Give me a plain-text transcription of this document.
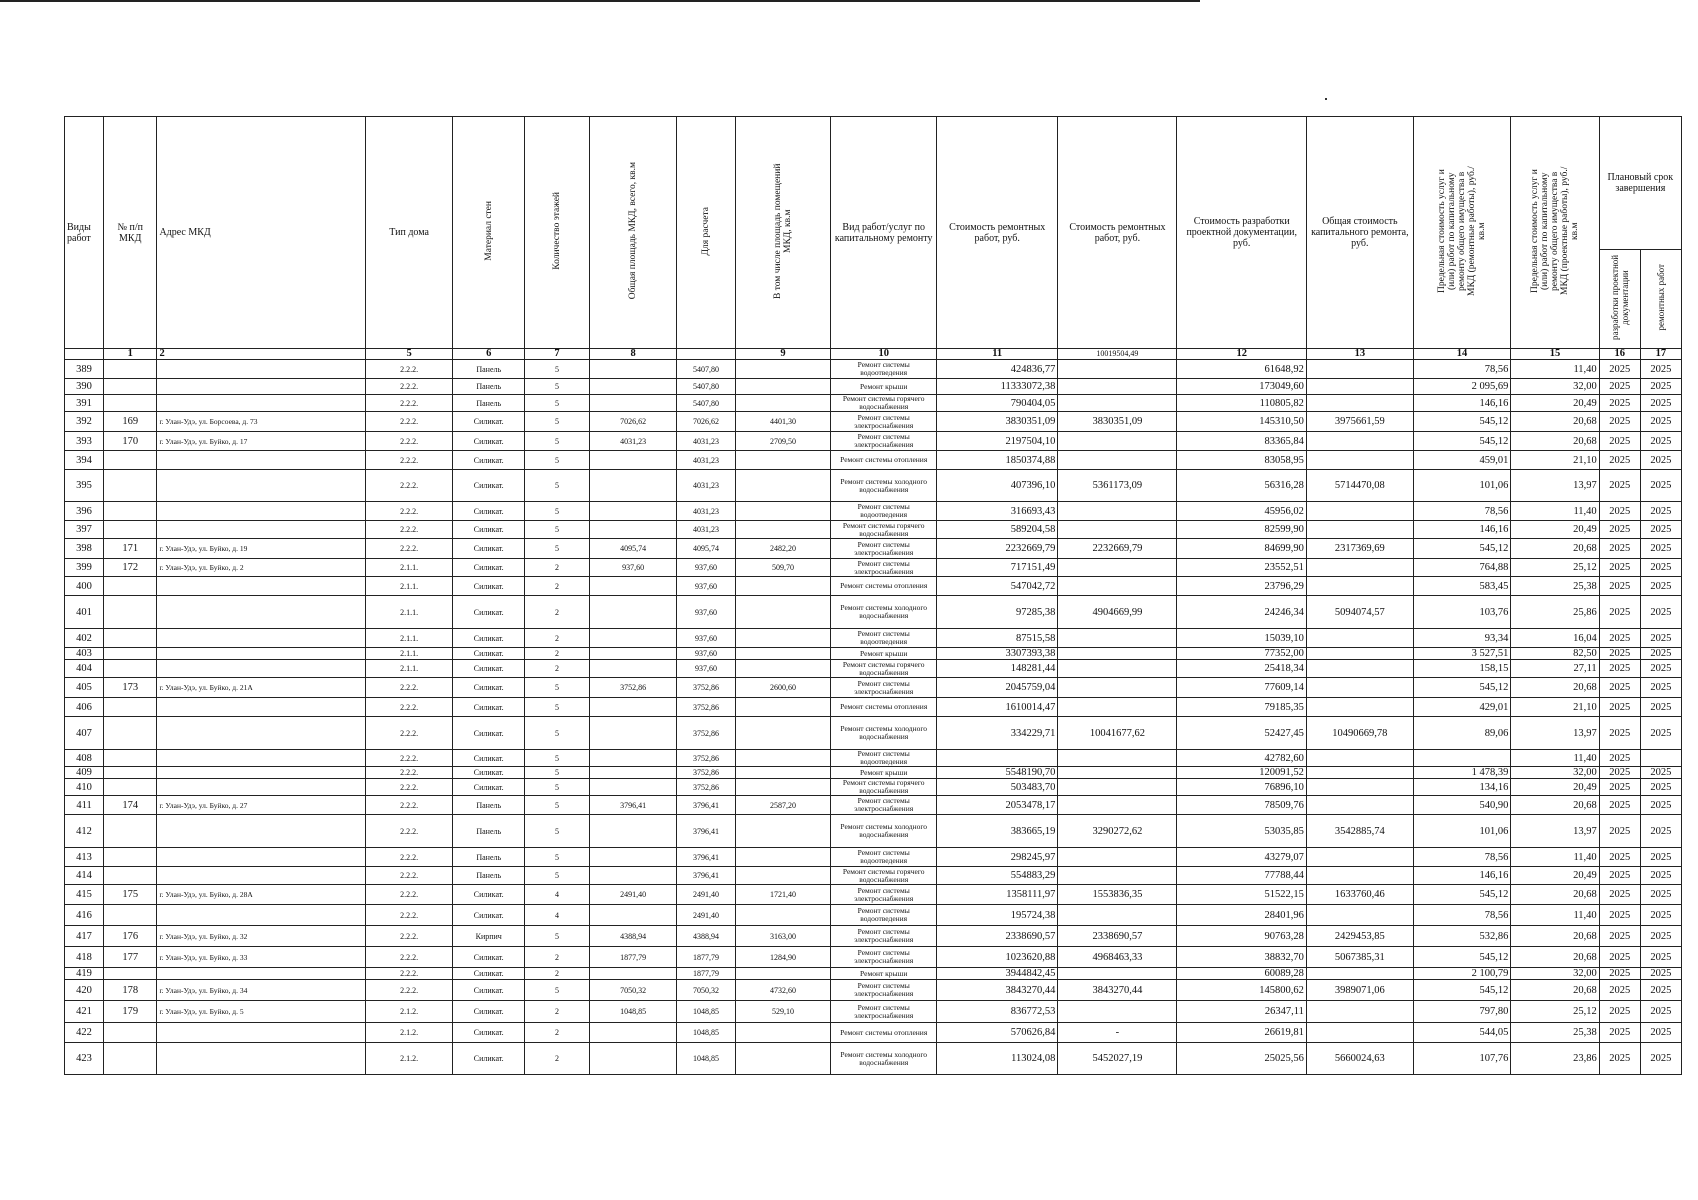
Виды работ	№ п/п МКД	Адрес МКД	Тип дома	Материал стен	Количество этажей	Общая площадь МКД, всего, кв.м	Для расчета	В том числе площадь помещений МКД, кв.м	Вид работ/услуг по капитальному ремонту	Стоимость ремонтных работ, руб.	Стоимость ремонтных работ, руб.	Стоимость разработки проектной документации, руб.	Общая стоимость капитального ремонта, руб.	Предельная стоимость услуг и (или) работ по капитальному ремонту общего имущества в МКД (ремонтные работы), руб./кв.м	Предельная стоимость услуг и (или) работ по капитальному ремонту общего имущества в МКД (проектные работы), руб./кв.м	Плановый срок завершения	
																разработки проектной документации	ремонтных работ
	1	2	5	6	7	8		9	10	11	10019504,49	12	13	14	15	16	17
389			2.2.2.	Панель	5		5407,80		Ремонт системы водоотведения	424836,77		61648,92		78,56	11,40	2025	2025
390			2.2.2.	Панель	5		5407,80		Ремонт крыши	11333072,38		173049,60		2 095,69	32,00	2025	2025
391			2.2.2.	Панель	5		5407,80		Ремонт системы горячего водоснабжения	790404,05		110805,82		146,16	20,49	2025	2025
392	169	г. Улан-Удэ, ул. Борсоева, д. 73	2.2.2.	Силикат.	5	7026,62	7026,62	4401,30	Ремонт системы электроснабжения	3830351,09	3830351,09	145310,50	3975661,59	545,12	20,68	2025	2025
393	170	г. Улан-Удэ, ул. Буйко, д. 17	2.2.2.	Силикат.	5	4031,23	4031,23	2709,50	Ремонт системы электроснабжения	2197504,10		83365,84		545,12	20,68	2025	2025
394			2.2.2.	Силикат.	5		4031,23		Ремонт системы отопления	1850374,88		83058,95		459,01	21,10	2025	2025
395			2.2.2.	Силикат.	5		4031,23		Ремонт системы холодного водоснабжения	407396,10	5361173,09	56316,28	5714470,08	101,06	13,97	2025	2025
396			2.2.2.	Силикат.	5		4031,23		Ремонт системы водоотведения	316693,43		45956,02		78,56	11,40	2025	2025
397			2.2.2.	Силикат.	5		4031,23		Ремонт системы горячего водоснабжения	589204,58		82599,90		146,16	20,49	2025	2025
398	171	г. Улан-Удэ, ул. Буйко, д. 19	2.2.2.	Силикат.	5	4095,74	4095,74	2482,20	Ремонт системы электроснабжения	2232669,79	2232669,79	84699,90	2317369,69	545,12	20,68	2025	2025
399	172	г. Улан-Удэ, ул. Буйко, д. 2	2.1.1.	Силикат.	2	937,60	937,60	509,70	Ремонт системы электроснабжения	717151,49		23552,51		764,88	25,12	2025	2025
400			2.1.1.	Силикат.	2		937,60		Ремонт системы отопления	547042,72		23796,29		583,45	25,38	2025	2025
401			2.1.1.	Силикат.	2		937,60		Ремонт системы холодного водоснабжения	97285,38	4904669,99	24246,34	5094074,57	103,76	25,86	2025	2025
402			2.1.1.	Силикат.	2		937,60		Ремонт системы водоотведения	87515,58		15039,10		93,34	16,04	2025	2025
403			2.1.1.	Силикат.	2		937,60		Ремонт крыши	3307393,38		77352,00		3 527,51	82,50	2025	2025
404			2.1.1.	Силикат.	2		937,60		Ремонт системы горячего водоснабжения	148281,44		25418,34		158,15	27,11	2025	2025
405	173	г. Улан-Удэ, ул. Буйко, д. 21А	2.2.2.	Силикат.	5	3752,86	3752,86	2600,60	Ремонт системы электроснабжения	2045759,04		77609,14		545,12	20,68	2025	2025
406			2.2.2.	Силикат.	5		3752,86		Ремонт системы отопления	1610014,47		79185,35		429,01	21,10	2025	2025
407			2.2.2.	Силикат.	5		3752,86		Ремонт системы холодного водоснабжения	334229,71	10041677,62	52427,45	10490669,78	89,06	13,97	2025	2025
408			2.2.2.	Силикат.	5		3752,86		Ремонт системы водоотведения			42782,60			11,40	2025	
409			2.2.2.	Силикат.	5		3752,86		Ремонт крыши	5548190,70		120091,52		1 478,39	32,00	2025	2025
410			2.2.2.	Силикат.	5		3752,86		Ремонт системы горячего водоснабжения	503483,70		76896,10		134,16	20,49	2025	2025
411	174	г. Улан-Удэ, ул. Буйко, д. 27	2.2.2.	Панель	5	3796,41	3796,41	2587,20	Ремонт системы электроснабжения	2053478,17		78509,76		540,90	20,68	2025	2025
412			2.2.2.	Панель	5		3796,41		Ремонт системы холодного водоснабжения	383665,19	3290272,62	53035,85	3542885,74	101,06	13,97	2025	2025
413			2.2.2.	Панель	5		3796,41		Ремонт системы водоотведения	298245,97		43279,07		78,56	11,40	2025	2025
414			2.2.2.	Панель	5		3796,41		Ремонт системы горячего водоснабжения	554883,29		77788,44		146,16	20,49	2025	2025
415	175	г. Улан-Удэ, ул. Буйко, д. 28А	2.2.2.	Силикат.	4	2491,40	2491,40	1721,40	Ремонт системы электроснабжения	1358111,97	1553836,35	51522,15	1633760,46	545,12	20,68	2025	2025
416			2.2.2.	Силикат.	4		2491,40		Ремонт системы водоотведения	195724,38		28401,96		78,56	11,40	2025	2025
417	176	г. Улан-Удэ, ул. Буйко, д. 32	2.2.2.	Кирпич	5	4388,94	4388,94	3163,00	Ремонт системы электроснабжения	2338690,57	2338690,57	90763,28	2429453,85	532,86	20,68	2025	2025
418	177	г. Улан-Удэ, ул. Буйко, д. 33	2.2.2.	Силикат.	2	1877,79	1877,79	1284,90	Ремонт системы электроснабжения	1023620,88	4968463,33	38832,70	5067385,31	545,12	20,68	2025	2025
419			2.2.2.	Силикат.	2		1877,79		Ремонт крыши	3944842,45		60089,28		2 100,79	32,00	2025	2025
420	178	г. Улан-Удэ, ул. Буйко, д. 34	2.2.2.	Силикат.	5	7050,32	7050,32	4732,60	Ремонт системы электроснабжения	3843270,44	3843270,44	145800,62	3989071,06	545,12	20,68	2025	2025
421	179	г. Улан-Удэ, ул. Буйко, д. 5	2.1.2.	Силикат.	2	1048,85	1048,85	529,10	Ремонт системы электроснабжения	836772,53		26347,11		797,80	25,12	2025	2025
422			2.1.2.	Силикат.	2		1048,85		Ремонт системы отопления	570626,84	-	26619,81		544,05	25,38	2025	2025
423			2.1.2.	Силикат.	2		1048,85		Ремонт системы холодного водоснабжения	113024,08	5452027,19	25025,56	5660024,63	107,76	23,86	2025	2025
